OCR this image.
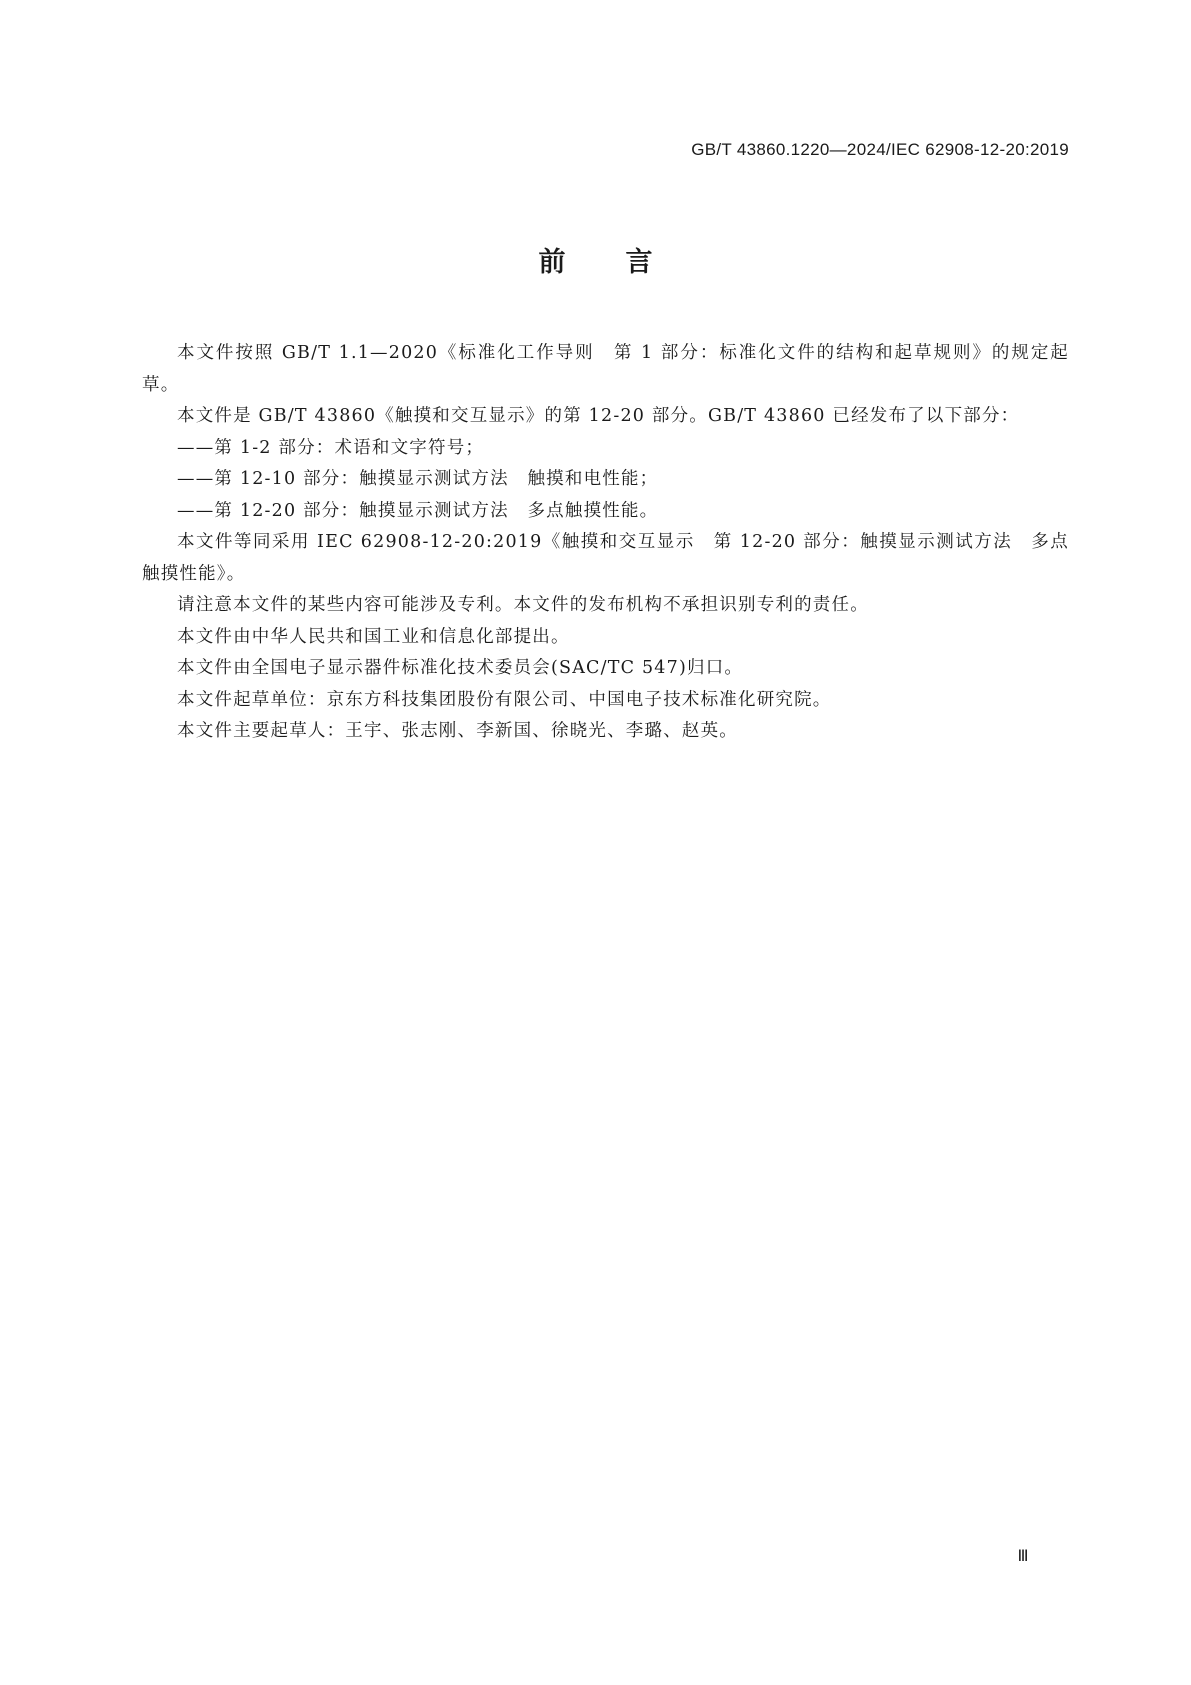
GB/T 43860.1220—2024/IEC 62908-12-20:2019
前言

本文件按照 GB/T 1.1—2020《标准化工作导则　第 1 部分：标准化文件的结构和起草规则》的规定起草。

本文件是 GB/T 43860《触摸和交互显示》的第 12-20 部分。GB/T 43860 已经发布了以下部分：

——第 1-2 部分：术语和文字符号；

——第 12-10 部分：触摸显示测试方法　触摸和电性能；

——第 12-20 部分：触摸显示测试方法　多点触摸性能。

本文件等同采用 IEC 62908-12-20:2019《触摸和交互显示　第 12-20 部分：触摸显示测试方法　多点触摸性能》。

请注意本文件的某些内容可能涉及专利。本文件的发布机构不承担识别专利的责任。

本文件由中华人民共和国工业和信息化部提出。

本文件由全国电子显示器件标准化技术委员会(SAC/TC 547)归口。

本文件起草单位：京东方科技集团股份有限公司、中国电子技术标准化研究院。

本文件主要起草人：王宇、张志刚、李新国、徐晓光、李璐、赵英。

Ⅲ
